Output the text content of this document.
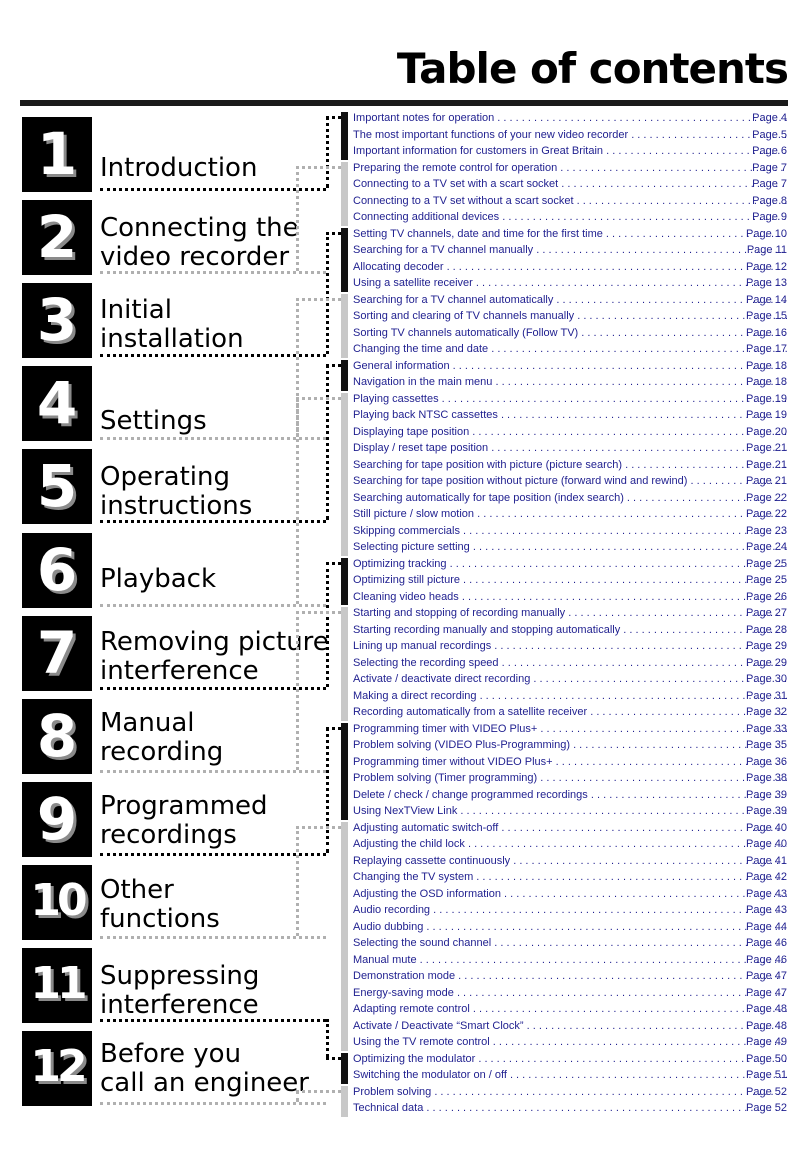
Table of contents
1 Introduction
2 Connecting the
video recorder
3 Initial
installation
4 Settings
5 Operating
instructions
6 Playback
7 Removing picture
interference
8 Manual
recording
9 Programmed
recordings
10 Other
functions
11 Suppressing
interference
12 Before you
call an engineer
Page 4
Important notes for operation . . .
Page 5
The most important functions of your new video recorder . . .
Page 6
Important information for customers in Great Britain . . .
Page 7
Preparing the remote control for operation . . .
Page 7
Connecting to a TV set with a scart socket . . .
Page 8
Connecting to a TV set without a scart socket . . .
Page 9
Connecting additional devices . . .
Page 10
Setting TV channels, date and time for the first time . . .
Page 11
Searching for a TV channel manually . . .
Page 12
Allocating decoder . . .
Page 13
Using a satellite receiver . . .
Page 14
Searching for a TV channel automatically . . .
Page 15
Sorting and clearing of TV channels manually . . .
Page 16
Sorting TV channels automatically (Follow TV) . . .
Page 17
Changing the time and date . . .
Page 18
General information . . .
Page 18
Navigation in the main menu . . .
Page 19
Playing cassettes . . .
Page 19
Playing back NTSC cassettes . . .
Page 20
Displaying tape position . . .
Page 21
Display / reset tape position . . .
Page 21
Searching for tape position with picture (picture search) . . .
Page 21
Searching for tape position without picture (forward wind and rewind) . . .
Page 22
Searching automatically for tape position (index search) . . .
Page 22
Still picture / slow motion . . .
Page 23
Skipping commercials . . .
Page 24
Selecting picture setting . . .
Page 25
Optimizing tracking . . .
Page 25
Optimizing still picture . . .
Page 26
Cleaning video heads . . .
Page 27
Starting and stopping of recording manually . . .
Page 28
Starting recording manually and stopping automatically . . .
Page 29
Lining up manual recordings . . .
Page 29
Selecting the recording speed . . .
Page 30
Activate / deactivate direct recording . . .
Page 31
Making a direct recording . . .
Page 32
Recording automatically from a satellite receiver . . .
Page 33
Programming timer with VIDEO Plus+ . . .
Page 35
Problem solving (VIDEO Plus-Programming) . . .
Page 36
Programming timer without VIDEO Plus+ . . .
Page 38
Problem solving (Timer programming) . . .
Page 39
Delete / check / change programmed recordings . . .
Page 39
Using NexTView Link . . .
Page 40
Adjusting automatic switch-off . . .
Page 40
Adjusting the child lock . . .
Page 41
Replaying cassette continuously . . .
Page 42
Changing the TV system . . .
Page 43
Adjusting the OSD information . . .
Page 43
Audio recording . . .
Page 44
Audio dubbing . . .
Page 46
Selecting the sound channel . . .
Page 46
Manual mute . . .
Page 47
Demonstration mode . . .
Page 47
Energy-saving mode . . .
Page 48
Adapting remote control . . .
Page 48
Activate / Deactivate “Smart Clock” . . .
Page 49
Using the TV remote control . . .
Page 50
Optimizing the modulator . . .
Page 51
Switching the modulator on / off . . .
Page 52
Problem solving . . .
Page 52
Technical data . . .
